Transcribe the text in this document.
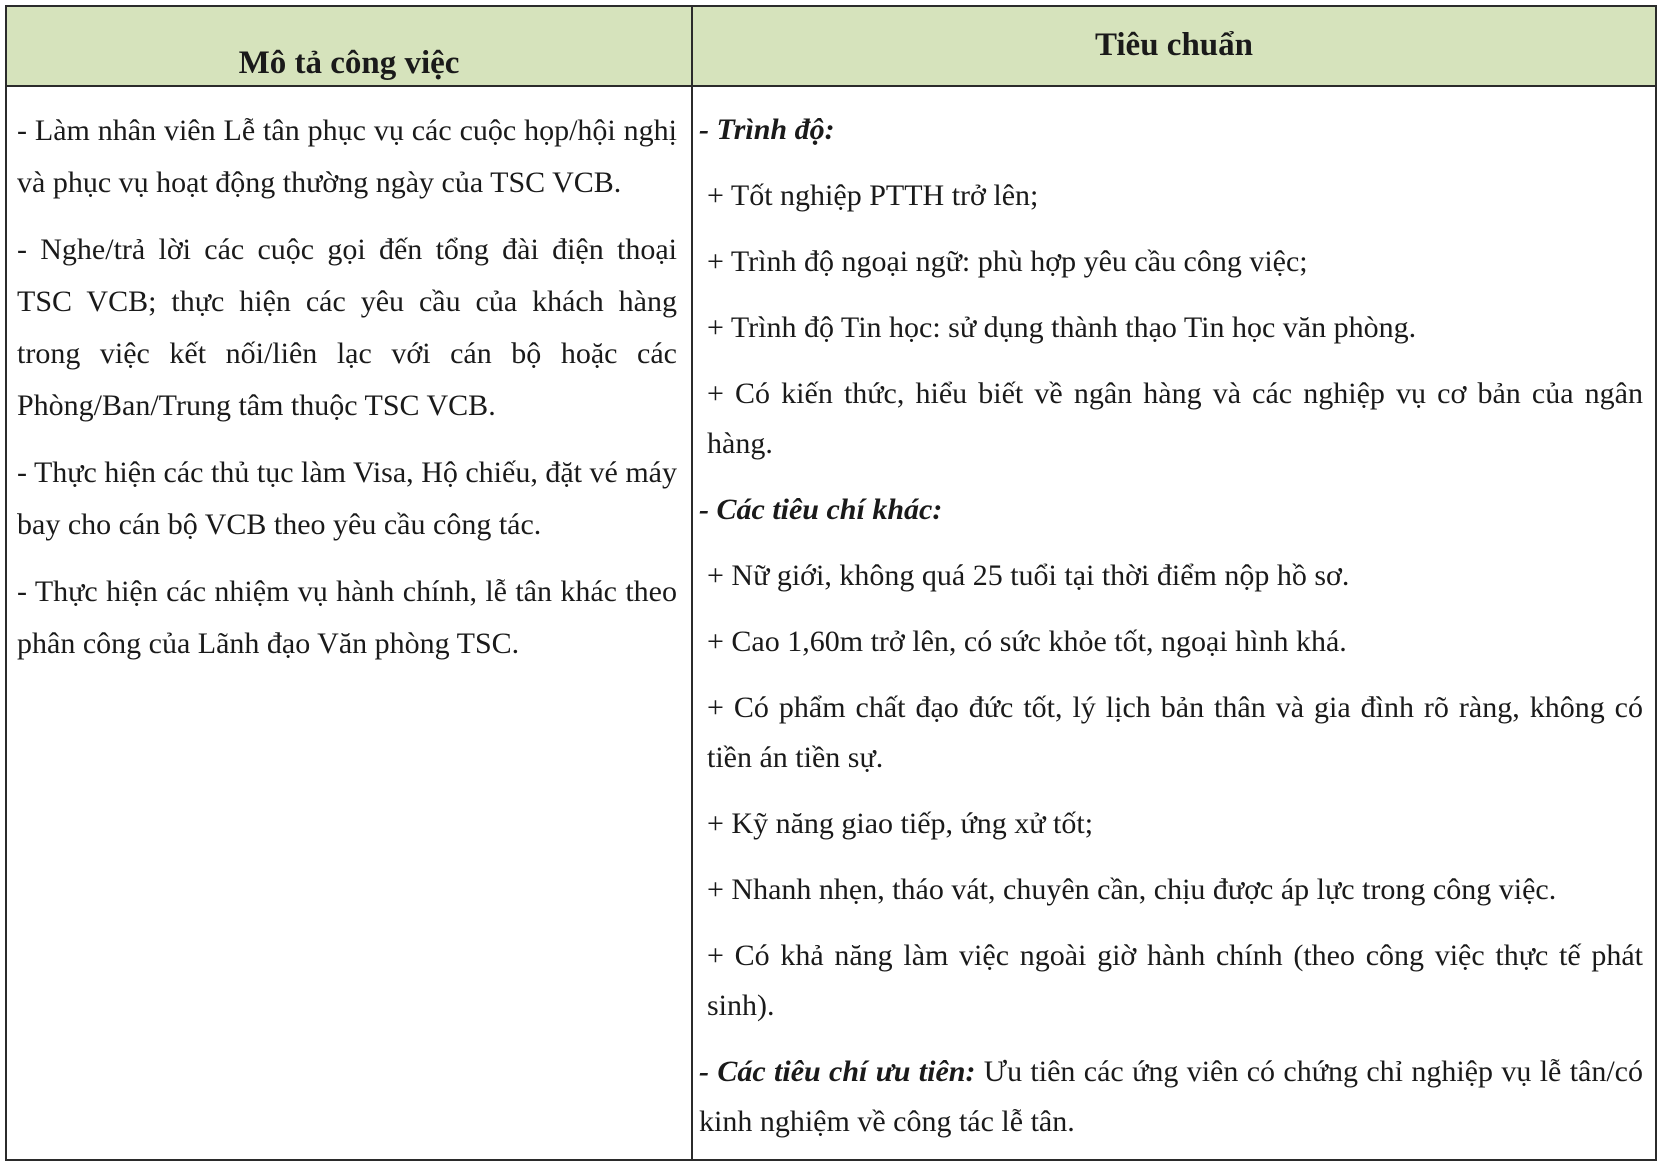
Mô tả công việc	Tiêu chuẩn

- Làm nhân viên Lễ tân phục vụ các cuộc họp/hội nghị và phục vụ hoạt động thường ngày của TSC VCB.

- Nghe/trả lời các cuộc gọi đến tổng đài điện thoại TSC VCB; thực hiện các yêu cầu của khách hàng trong việc kết nối/liên lạc với cán bộ hoặc các Phòng/Ban/Trung tâm thuộc TSC VCB.

- Thực hiện các thủ tục làm Visa, Hộ chiếu, đặt vé máy bay cho cán bộ VCB theo yêu cầu công tác.

- Thực hiện các nhiệm vụ hành chính, lễ tân khác theo phân công của Lãnh đạo Văn phòng TSC.

- Trình độ:

+ Tốt nghiệp PTTH trở lên;

+ Trình độ ngoại ngữ: phù hợp yêu cầu công việc;

+ Trình độ Tin học: sử dụng thành thạo Tin học văn phòng.

+ Có kiến thức, hiểu biết về ngân hàng và các nghiệp vụ cơ bản của ngân hàng.

- Các tiêu chí khác:

+ Nữ giới, không quá 25 tuổi tại thời điểm nộp hồ sơ.

+ Cao 1,60m trở lên, có sức khỏe tốt, ngoại hình khá.

+ Có phẩm chất đạo đức tốt, lý lịch bản thân và gia đình rõ ràng, không có tiền án tiền sự.

+ Kỹ năng giao tiếp, ứng xử tốt;

+ Nhanh nhẹn, tháo vát, chuyên cần, chịu được áp lực trong công việc.

+ Có khả năng làm việc ngoài giờ hành chính (theo công việc thực tế phát sinh).

- Các tiêu chí ưu tiên: Ưu tiên các ứng viên có chứng chỉ nghiệp vụ lễ tân/có kinh nghiệm về công tác lễ tân.
